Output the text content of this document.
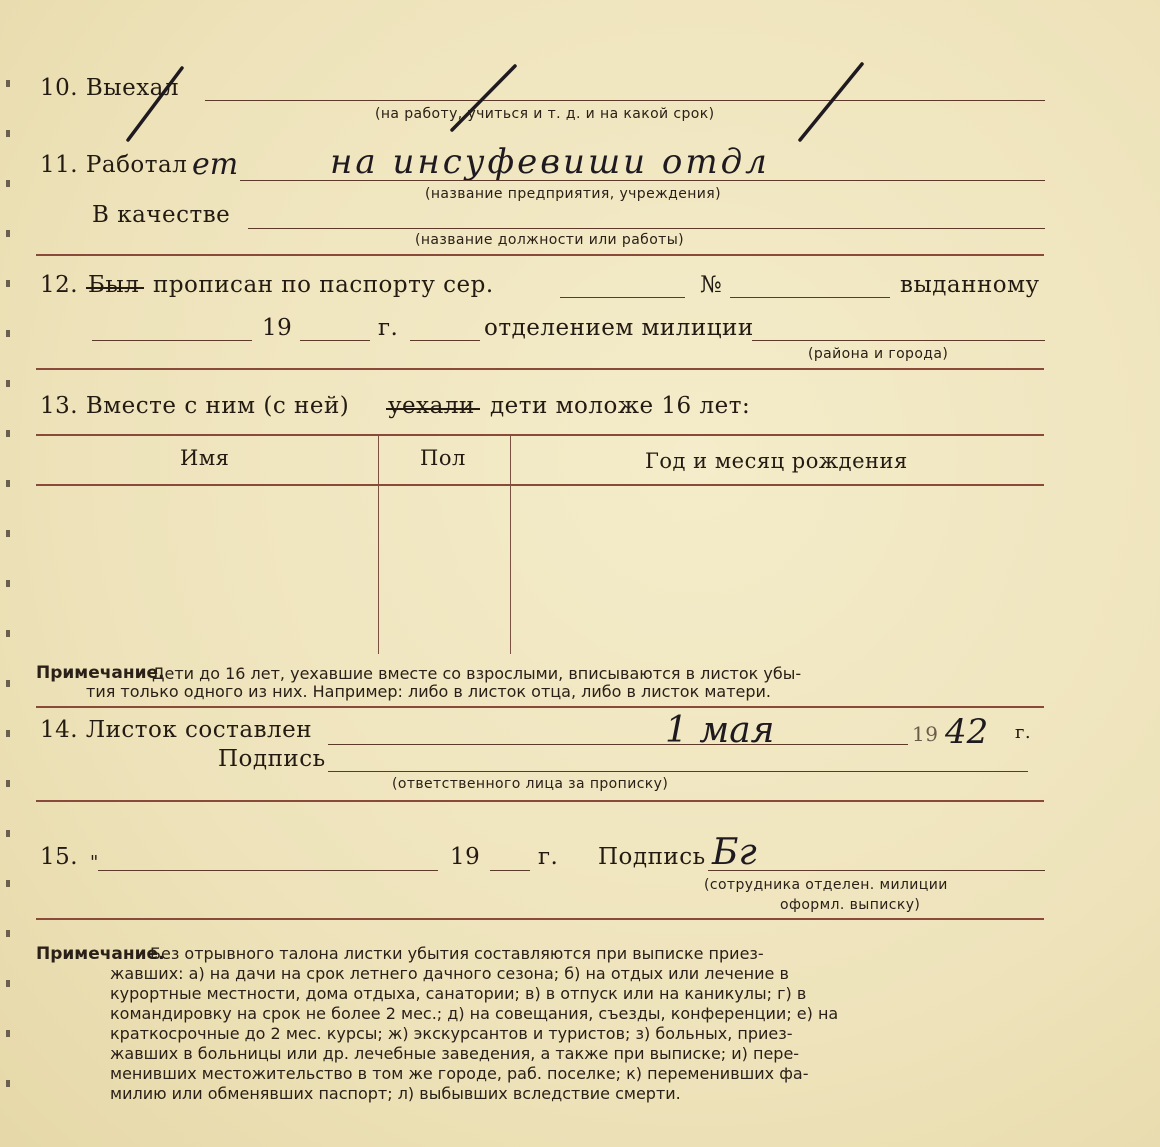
10. Выехал
(на работу, учиться и т. д. и на какой срок)
11. Работал ет	на инсуфевиши отдл
(название предприятия, учреждения)
В качестве
(название должности или работы)
12. Был прописан по паспорту сер.	№	выданному
19	г.	отделением милиции
(района и города)
13. Вместе с ним (с ней) уехали дети моложе 16 лет:
Имя	Пол	Год и месяц рождения
Примечание.
Дети до 16 лет, уехавшие вместе со взрослыми, вписываются в листок убы-
тия только одного из них. Например: либо в листок отца, либо в листок матери.
14. Листок составлен	1 мая	19 42 г.
Подпись
(ответственного лица за прописку)
15. "	19	г. Подпись Бг
(сотрудника отделен. милиции
оформл. выписку)
Примечание.
Без отрывного талона листки убытия составляются при выписке приез-
жавших: а) на дачи на срок летнего дачного сезона; б) на отдых или лечение в
курортные местности, дома отдыха, санатории; в) в отпуск или на каникулы; г) в
командировку на срок не более 2 мес.; д) на совещания, съезды, конференции; е) на
краткосрочные до 2 мес. курсы; ж) экскурсантов и туристов; з) больных, приез-
жавших в больницы или др. лечебные заведения, а также при выписке; и) пере-
менивших местожительство в том же городе, раб. поселке; к) переменивших фа-
милию или обменявших паспорт; л) выбывших вследствие смерти.
